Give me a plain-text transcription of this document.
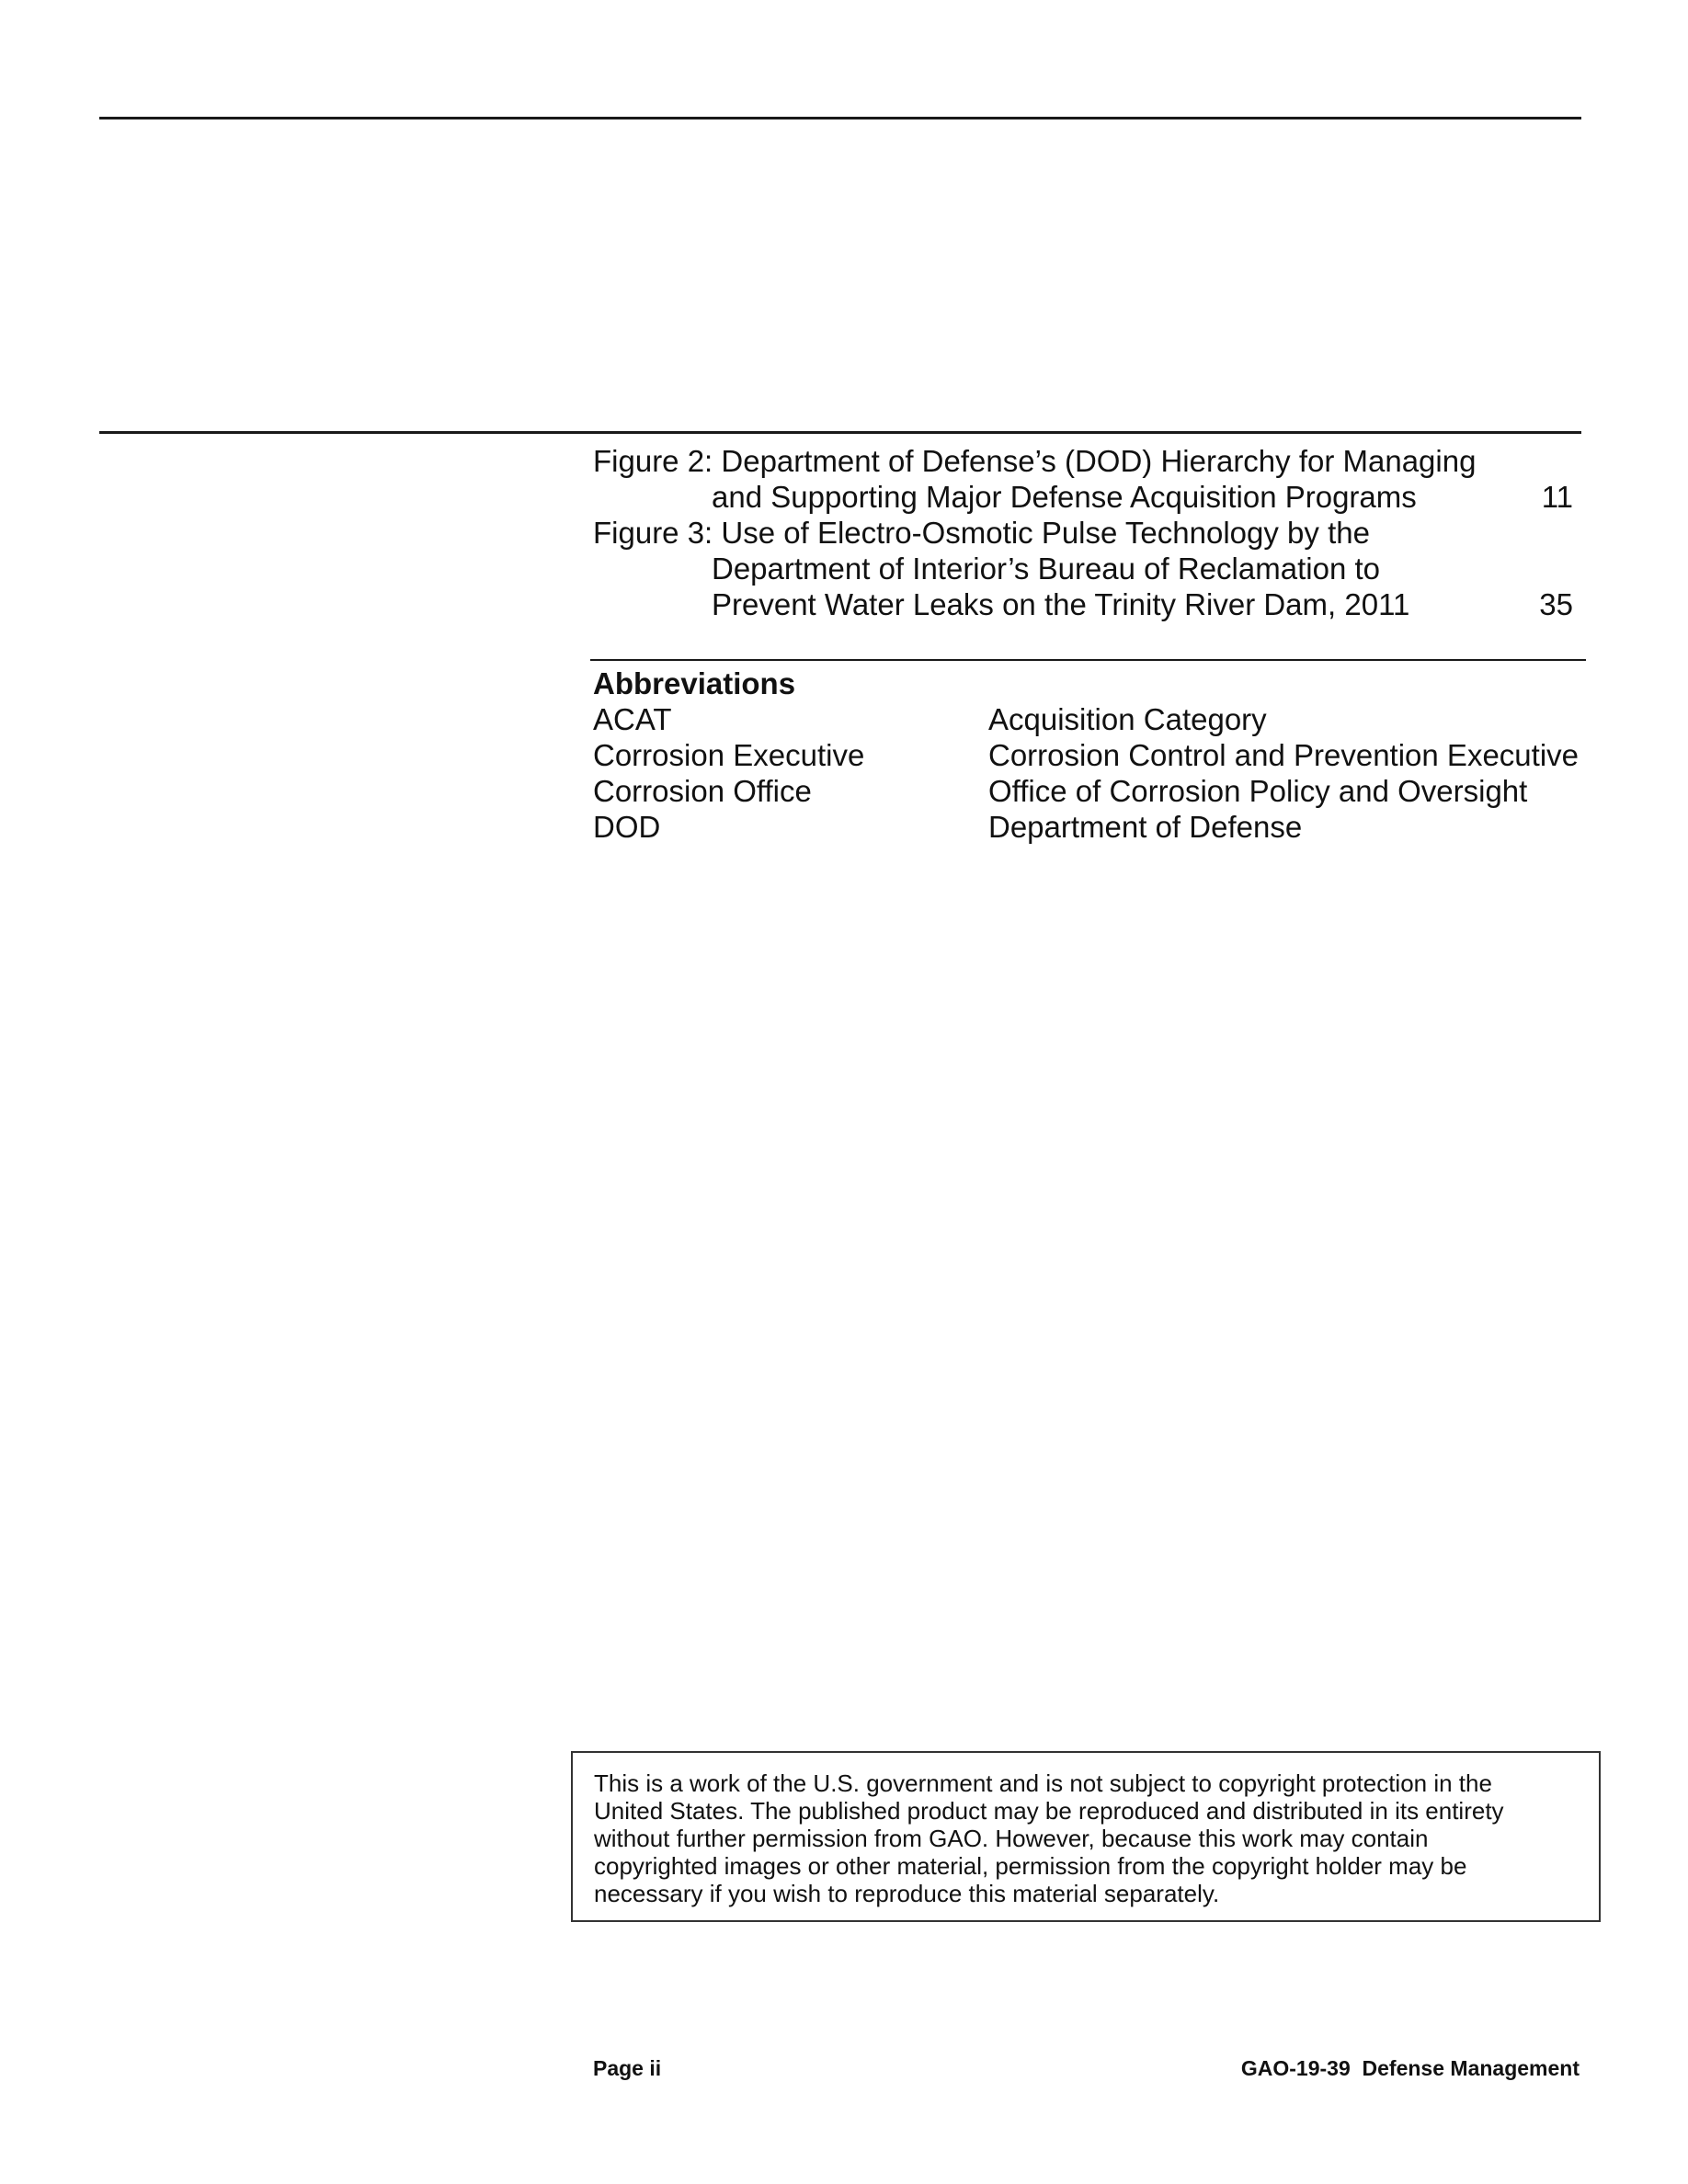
Figure 2: Department of Defense’s (DOD) Hierarchy for Managing
and Supporting Major Defense Acquisition Programs	11
Figure 3: Use of Electro-Osmotic Pulse Technology by the
Department of Interior’s Bureau of Reclamation to
Prevent Water Leaks on the Trinity River Dam, 2011	35
Abbreviations
ACAT	Acquisition Category
Corrosion Executive	Corrosion Control and Prevention Executive
Corrosion Office	Office of Corrosion Policy and Oversight
DOD	Department of Defense
This is a work of the U.S. government and is not subject to copyright protection in the
United States. The published product may be reproduced and distributed in its entirety
without further permission from GAO. However, because this work may contain
copyrighted images or other material, permission from the copyright holder may be
necessary if you wish to reproduce this material separately.
Page ii	GAO-19-39  Defense Management
